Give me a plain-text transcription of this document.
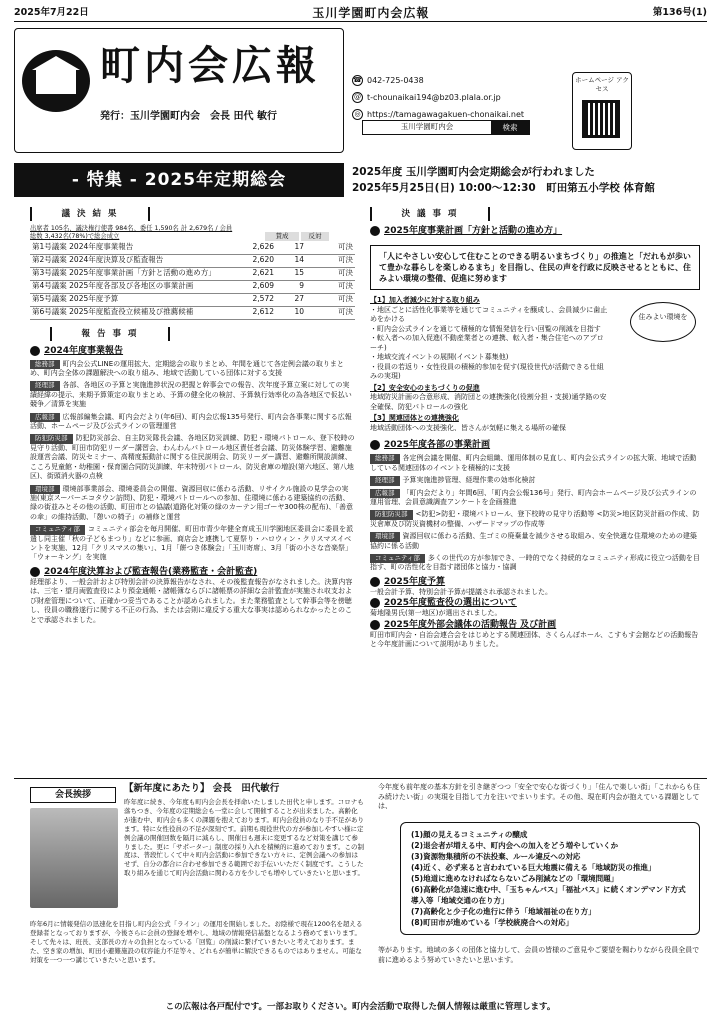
2025年7月22日	玉川学園町内会広報	第136号(1)
町内会広報
発行：玉川学園町内会　会長 田代 敏行
☎ 042-725-0438
@ t-chounaikai194@bz03.plala.or.jp
◎ https://tamagawagakuen-chonaikai.net
玉川学園町内会	検索
ホームページ アクセス
- 特集 - 2025年定期総会	2025年度 玉川学園町内会定期総会が行われました
2025年5月25日(日) 10:00～12:30　町田第五小学校 体育館
議 決 結 果
出席者 105名、議決権行使書 984名、委任 1,590名 計 2,679名 / 会員総数 3,432名(78%)で総会成立	賛成	反対
第1号議案 2024年度事業報告	2,626	17	可決
第2号議案 2024年度決算及び監査報告	2,620	14	可決
第3号議案 2025年度事業計画「方針と活動の進め方」	2,621	15	可決
第4号議案 2025年度各部及び各地区の事業計画	2,609	9	可決
第5号議案 2025年度予算	2,572	27	可決
第6号議案 2025年度監査役立候補及び推薦候補	2,612	10	可決
報 告 事 項
2024年度事業報告
総務部 町内会公式LINEの運用拡大、定期総会の取りまとめ、年間を通じて各定例会議の取りまとめ、町内会全体の課題解決への取り組み、地域で活動している団体に対する支援
経理部 各部、各地区の予算と実施進捗状況の把握と幹事会での報告、次年度予算立案に対しての実績経緯の提示、来期予算策定の取りまとめ、予算の健全化の検討、予算執行効率化の為各地区で仮払い競争／清算を実施
広報部 広報部編集会議、町内会だより(年6回)、町内会広報135号発行、町内会各事業に関する広報活動、ホームページ及び公式ラインの管理運営
防犯防災部 防犯防災部会、自主防災隊長会議、各地区防災訓練、防犯・環境パトロール、登下校時の見守り活動、町田市防犯リーダー講習会、わんわんパトロール地区責任者会議、防災体験学習、避難施設運営会議、防災セミナー、高精度振動計に関する住民説明会、防災リーダー講習、避難所開設訓練、こころ児童館・幼稚園・保育園合同防災訓練、年末特別パトロール、防災倉庫の増設(第六地区、第八地区)、街頭消火器の点検
環境部 環境部事業部会、環境委員会の開催、資源回収に係わる活動、リサイクル施設の見学会の実施(東京スーパーエコタウン訪問)、防犯・環境パトロールへの参加、住環境に係わる建築協約の活動、緑の街並みとその他の活動、町田市との協議(道路化対策の緑のカーテン用ゴーヤ300株の配布)、「善意の傘」の維持活動、「憩いの椅子」の補修と運営
コミュニティ部 コミュニティ部会を毎月開催、町田市青少年健全育成玉川学園地区委員会に委員を派遣し同主催「秋の子どもまつり」などに参画、商店会と連携して夏祭り・ハロウィン・クリスマスイベントを実施、12月「クリスマスの集い」、1月「餅つき体験会」「玉川寄席」、3月「街の小さな音楽祭」「ウォーキング」を実施
2024年度決算および監査報告(業務監査・会計監査)
経理部より、一般会計および特別会計の決算報告がなされ、その後監査報告がなされました。決算内容は、三宅・望月両監査役により預金通帳・諸帳簿ならびに諸帳票の詳細な会計監査が実施され収支および財産管理について、正確かつ妥当であることが認められました。また業務監査として幹事会等を傍聴し、役員の職務遂行に関する不正の行為、または会則に違反する重大な事実は認められなかったとのことで承認されました。
決 議 事 項
2025年度事業計画「方針と活動の進め方」
「人にやさしい安心して住むことのできる明るいまちづくり」の推進と「だれもが歩いて豊かな暮らしを楽しめるまち」を目指し、住民の声を行政に反映させるとともに、住みよい環境の整備、促進に努めます
【1】加入者減少に対する取り組み
・地区ごとに活性化事業等を通じてコミュニティを醸成し、会員減少に歯止めをかける
・町内会公式ラインを通じて積極的な情報発信を行い回覧の削減を目指す
・転入者への加入促進(不動産業者との連携、転入者・集合住宅へのアプローチ)
・地域交流イベントの展開(イベント募集他)
・役員の若返り・女性役員の積極的参加を促す(現役世代が活動できる仕組みの実現)
【2】安全安心のまちづくりの促進
地域防災計画の合意形成、消防団との連携強化(役割分担・支援)通学路の安全確保、防犯パトロールの強化
【3】関連団体との連携強化
地域活動団体への支援強化、皆さんが気軽に集える場所の確保
住みよい環境を
2025年度各部の事業計画
総務部 各定例会議を開催、町内会組織、運用体制の見直し、町内会公式ラインの拡大策、地域で活動している関連団体のイベントを積極的に支援
経理部 予算実施進捗管理、経理作業の効率化検討
広報部 「町内会だより」年間6回、「町内会公報136号」発行、町内会ホームページ及び公式ラインの運用管理、会員意識調査アンケートを企画推進
防犯防災部 <防犯>防犯・環境パトロール、登下校時の見守り活動等 <防災>地区防災計画の作成、防災倉庫及び防災資機材の整備、ハザードマップの作成等
環境部 資源回収に係わる活動、生ゴミの廃棄量を減少させる取組み、安全快適な住環境のための建築協約に係る活動
コミュニティ部 多くの世代の方が参加でき、一時的でなく持続的なコミュニティ形成に役立つ活動を目指す、町の活性化を目指す諸団体と協力・協調
2025年度予算
一般会計予算、特別会計予算が提議され承認されました。
2025年度監査役の選出について
菊地隆男氏(第一地区)が選出されました。
2025年度外部会議体の活動報告 及び計画
町田市町内会・自治会連合会をはじめとする関連団体、さくらんぼホール、こすもす会館などの活動報告と今年度計画について説明がありました。
会長挨拶
【新年度にあたり】 会長　田代敏行
昨年度に続き、今年度も町内会会長を拝命いたしました田代と申します。コロナも落ちつき、今年度の定期総会も一堂に会して開催することが出来ました。高齢化が進む中、町内会も多くの課題を抱えております。町内会役員のなり手不足があります。特に女性役員の不足が深刻です。前期も現役世代の方が参加しやすい様に定例会議の開催回数を隔月に減らし、開催日も週末に変更するなど対策を講じて参りました。更に「サポーター」制度の採り入れを積極的に進めております。この制度は、普段忙しくて中々町内会活動に参加できない方々に、定例会議への参加はせず、自分の都合に合わせ参加できる範囲でお手伝いいただく制度です。こうした取り組みを通じて町内会活動に関わる方を少しでも増やしていきたいと思います。
昨年6月に情報発信の迅速化を目指し町内会公式「ライン」の運用を開始しました。お陰様で現在1200名を超える登録者となっておりますが、今後さらに会員の登録を増やし、地域の情報発信基盤となるよう務めてまいります。そして先々は、班長、支部長の方々の負担となっている「回覧」の削減に繋げていきたいと考えております。また、空き家の増加、町田小避難施設の収容能力不足等々、どれもが簡単に解決できるものではありません。可能な対策を一つ一つ講じていきたいと思います。
今年度も前年度の基本方針を引き継ぎつつ「安全で安心な街づくり」「住んで楽しい街」「これからも住み続けたい街」の実現を目指して力を注いでまいります。その他、現在町内会が抱えている課題としては、
(1)顔の見えるコミュニティの醸成
(2)退会者が増える中、町内会への加入をどう増やしていくか
(3)資源物集積所の不法投棄、ルール違反への対応
(4)近く、必ず来ると言われている巨大地震に備える「地域防災の推進」
(5)地道に進めなければならないごみ削減などの「環境問題」
(6)高齢化が急速に進む中、「玉ちゃんバス」「福祉バス」に続くオンデマンド方式導入等「地域交通の在り方」
(7)高齢化と少子化の進行に伴う「地域福祉の在り方」
(8)町田市が進めている「学校統廃合への対応」
等があります。地域の多くの団体と協力して、会員の皆様のご意見やご要望を賜わりながら役員全員で前に進めるよう努めていきたいと思います。
この広報は各戸配付です。一部お取りください。町内会活動で取得した個人情報は厳重に管理します。
